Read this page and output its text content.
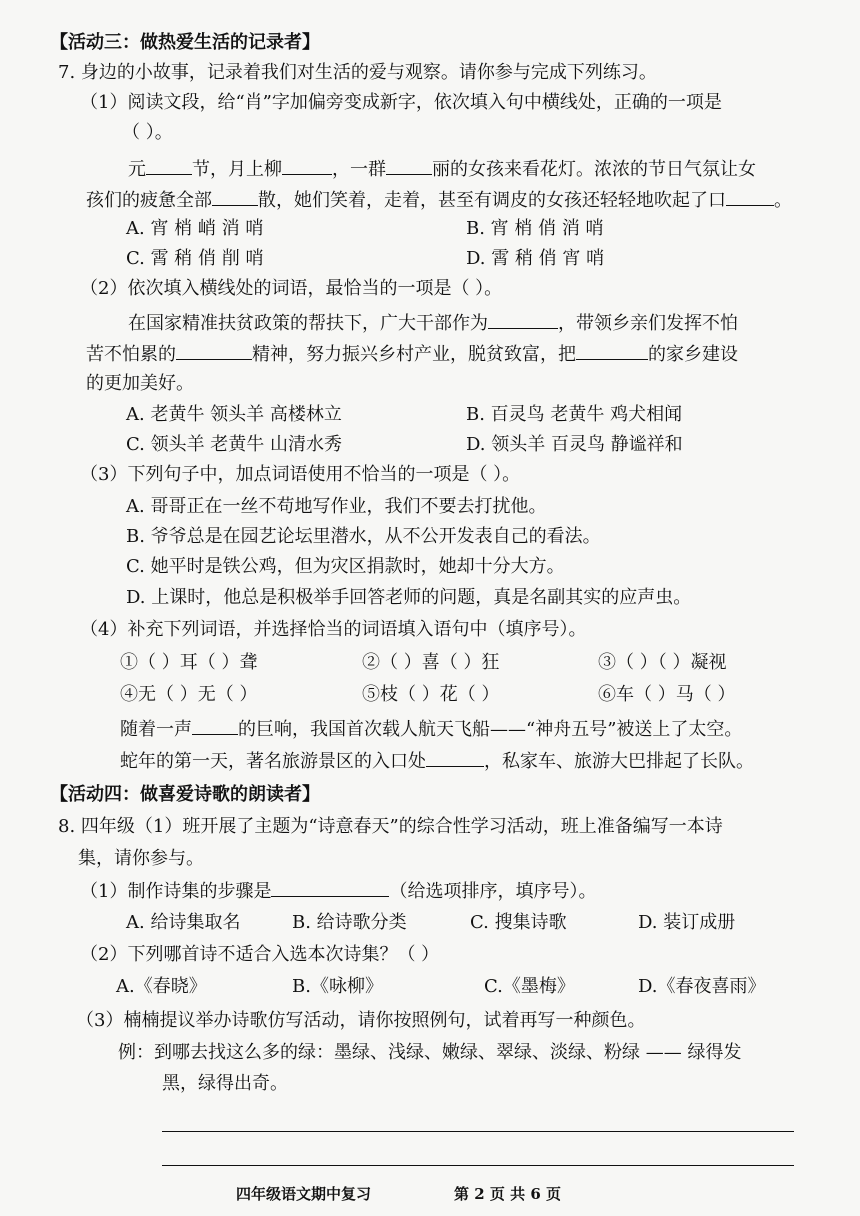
【活动三：做热爱生活的记录者】
7. 身边的小故事，记录着我们对生活的爱与观察。请你参与完成下列练习。
（1）阅读文段，给“肖”字加偏旁变成新字，依次填入句中横线处，正确的一项是
（ ）。
元	节，月上柳	，一群	丽的女孩来看花灯。浓浓的节日气氛让女
孩们的疲惫全部	散，她们笑着，走着，甚至有调皮的女孩还轻轻地吹起了口	。
A. 宵 梢 峭 消 哨	B. 宵 梢 俏 消 哨
C. 霄 稍 俏 削 哨	D. 霄 稍 俏 宵 哨
（2）依次填入横线处的词语，最恰当的一项是（ ）。
在国家精准扶贫政策的帮扶下，广大干部作为	，带领乡亲们发挥不怕
苦不怕累的	精神，努力振兴乡村产业，脱贫致富，把	的家乡建设
的更加美好。
A. 老黄牛 领头羊 高楼林立	B. 百灵鸟 老黄牛 鸡犬相闻
C. 领头羊 老黄牛 山清水秀	D. 领头羊 百灵鸟 静谧祥和
（3）下列句子中，加点词语使用不恰当的一项是（ ）。
A. 哥哥正在一丝不苟地写作业，我们不要去打扰他。
B. 爷爷总是在园艺论坛里潜水，从不公开发表自己的看法。
C. 她平时是铁公鸡，但为灾区捐款时，她却十分大方。
D. 上课时，他总是积极举手回答老师的问题，真是名副其实的应声虫。
（4）补充下列词语，并选择恰当的词语填入语句中（填序号）。
①（ ）耳（ ）聋	②（ ）喜（ ）狂	③（ ）（ ）凝视
④无（ ）无（ ）	⑤枝（ ）花（ ）	⑥车（ ）马（ ）
随着一声	的巨响，我国首次载人航天飞船——“神舟五号”被送上了太空。
蛇年的第一天，著名旅游景区的入口处	，私家车、旅游大巴排起了长队。
【活动四：做喜爱诗歌的朗读者】
8. 四年级（1）班开展了主题为“诗意春天”的综合性学习活动，班上准备编写一本诗
集，请你参与。
（1）制作诗集的步骤是	（给选项排序，填序号）。
A. 给诗集取名	B. 给诗歌分类	C. 搜集诗歌	D. 装订成册
（2）下列哪首诗不适合入选本次诗集？（ ）
A.《春晓》	B.《咏柳》	C.《墨梅》	D.《春夜喜雨》
（3）楠楠提议举办诗歌仿写活动，请你按照例句，试着再写一种颜色。
例：到哪去找这么多的绿：墨绿、浅绿、嫩绿、翠绿、淡绿、粉绿 —— 绿得发
黑，绿得出奇。
四年级语文期中复习	第 2 页 共 6 页
